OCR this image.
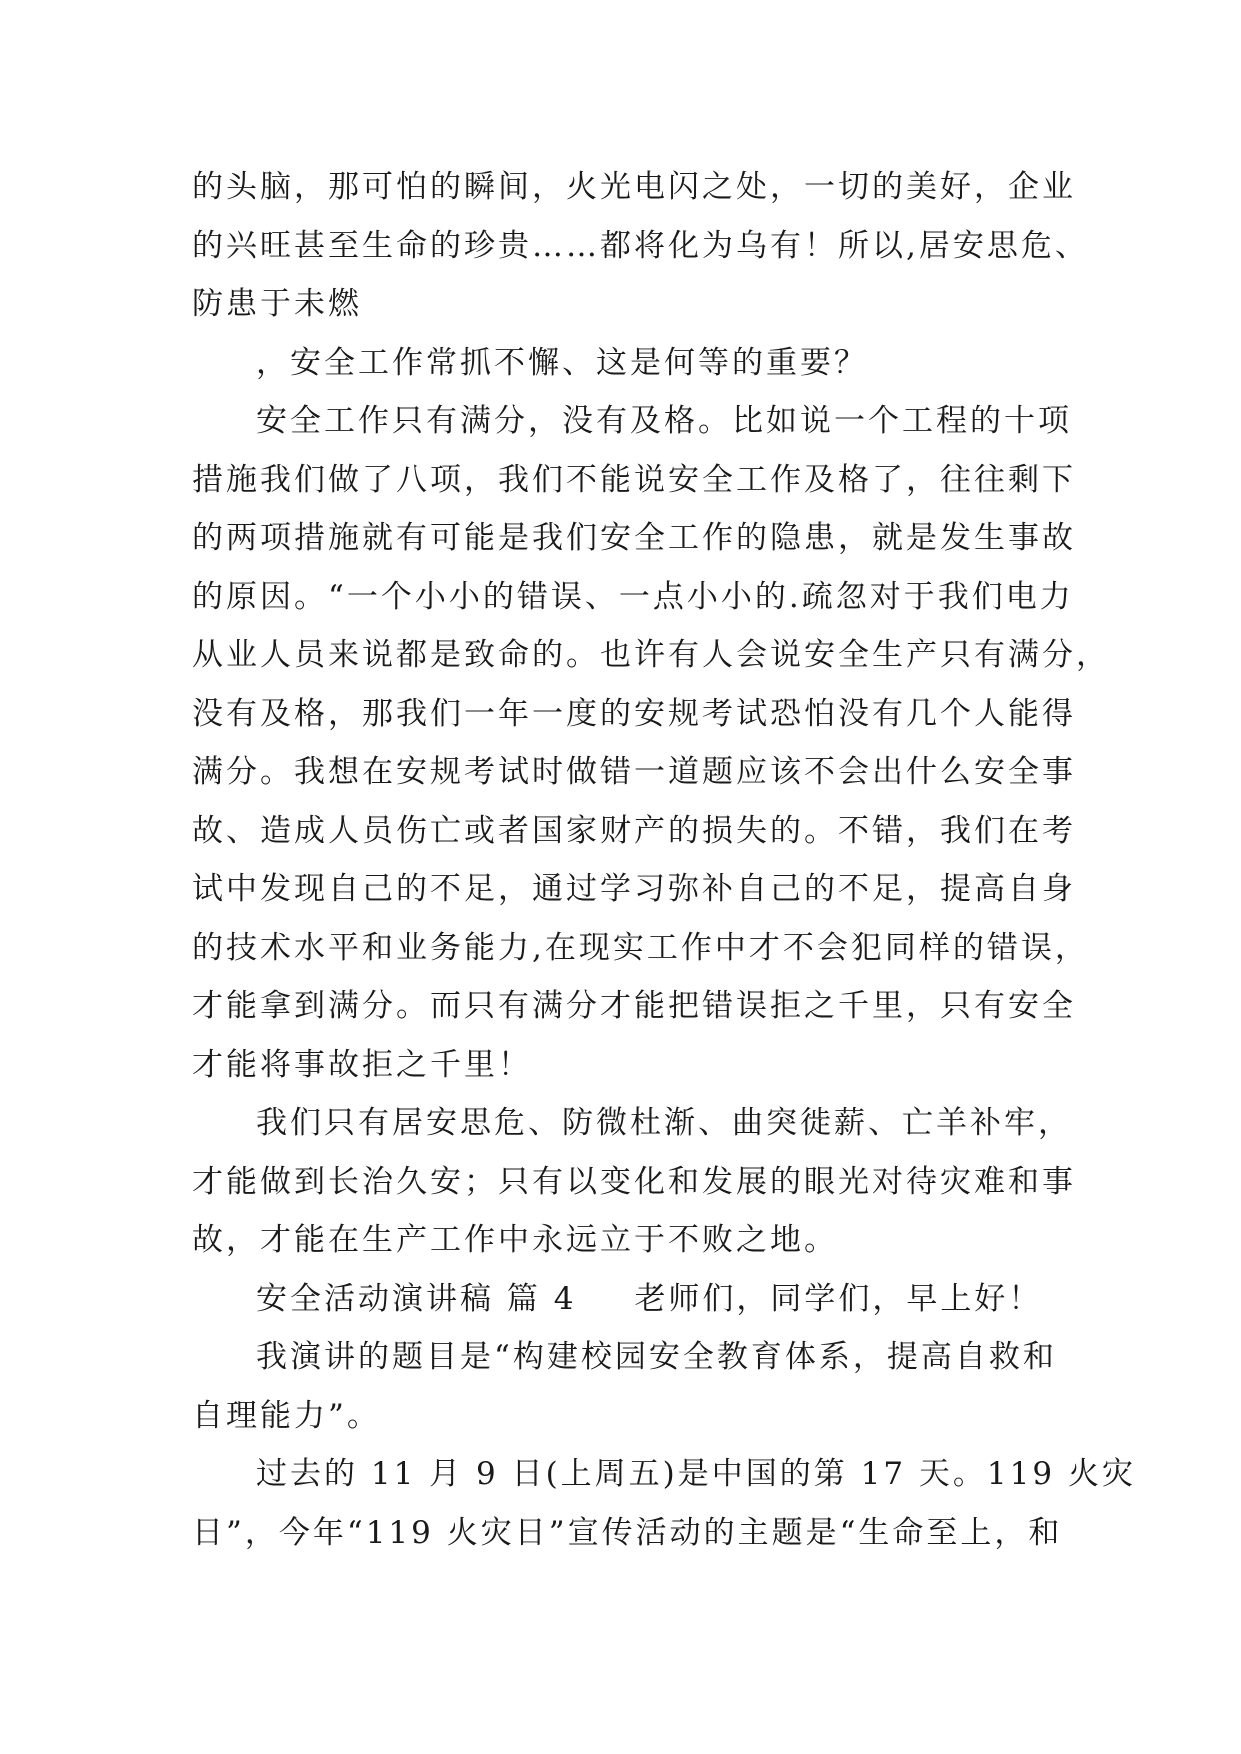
的头脑，那可怕的瞬间，火光电闪之处，一切的美好，企业
的兴旺甚至生命的珍贵……都将化为乌有！所以,居安思危、
防患于未燃
，安全工作常抓不懈、这是何等的重要？
安全工作只有满分，没有及格。比如说一个工程的十项
措施我们做了八项，我们不能说安全工作及格了，往往剩下
的两项措施就有可能是我们安全工作的隐患，就是发生事故
的原因。“一个小小的错误、一点小小的.疏忽对于我们电力
从业人员来说都是致命的。也许有人会说安全生产只有满分，
没有及格，那我们一年一度的安规考试恐怕没有几个人能得
满分。我想在安规考试时做错一道题应该不会出什么安全事
故、造成人员伤亡或者国家财产的损失的。不错，我们在考
试中发现自己的不足，通过学习弥补自己的不足，提高自身
的技术水平和业务能力,在现实工作中才不会犯同样的错误，
才能拿到满分。而只有满分才能把错误拒之千里，只有安全
才能将事故拒之千里！
我们只有居安思危、防微杜渐、曲突徙薪、亡羊补牢，
才能做到长治久安；只有以变化和发展的眼光对待灾难和事
故，才能在生产工作中永远立于不败之地。
安全活动演讲稿 篇 4 老师们，同学们，早上好！
我演讲的题目是“构建校园安全教育体系，提高自救和
自理能力”。
过去的 11 月 9 日(上周五)是中国的第 17 天。119 火灾
日”，今年“119 火灾日”宣传活动的主题是“生命至上，和
